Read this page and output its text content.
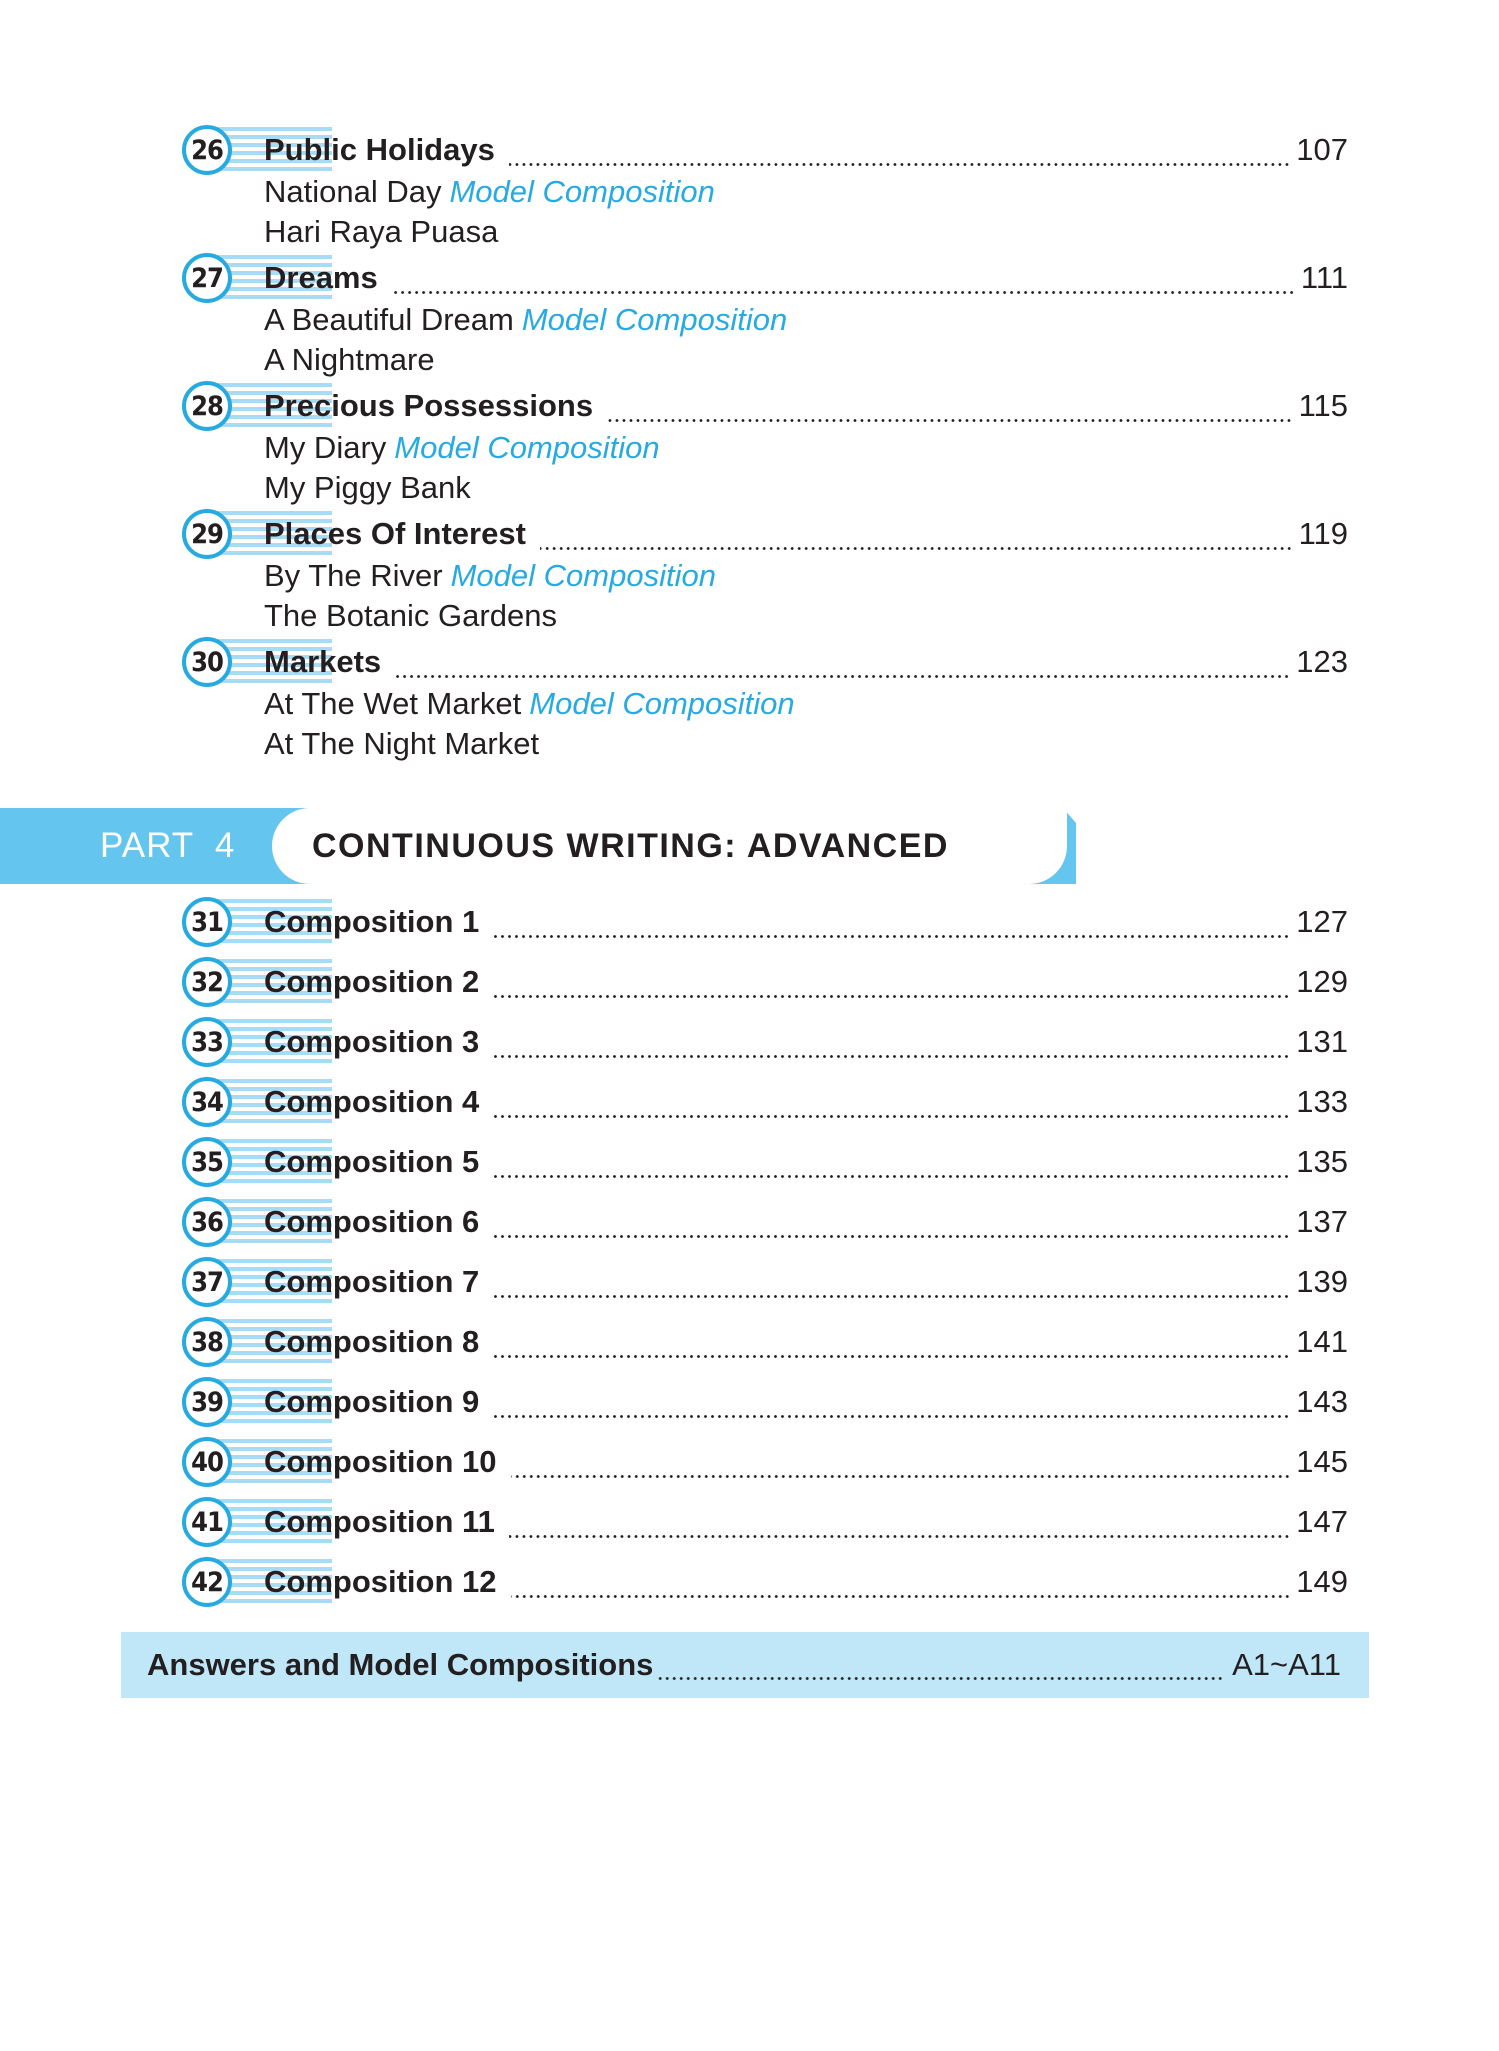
26 Public Holidays	107
National Day Model Composition
Hari Raya Puasa
27 Dreams	111
A Beautiful Dream Model Composition
A Nightmare
28 Precious Possessions	115
My Diary Model Composition
My Piggy Bank
29 Places Of Interest	119
By The River Model Composition
The Botanic Gardens
30 Markets	123
At The Wet Market Model Composition
At The Night Market
PART  4 CONTINUOUS WRITING: ADVANCED
31 Composition 1	127
32 Composition 2	129
33 Composition 3	131
34 Composition 4	133
35 Composition 5	135
36 Composition 6	137
37 Composition 7	139
38 Composition 8	141
39 Composition 9	143
40 Composition 10	145
41 Composition 11	147
42 Composition 12	149
Answers and Model Compositions	A1~A11
